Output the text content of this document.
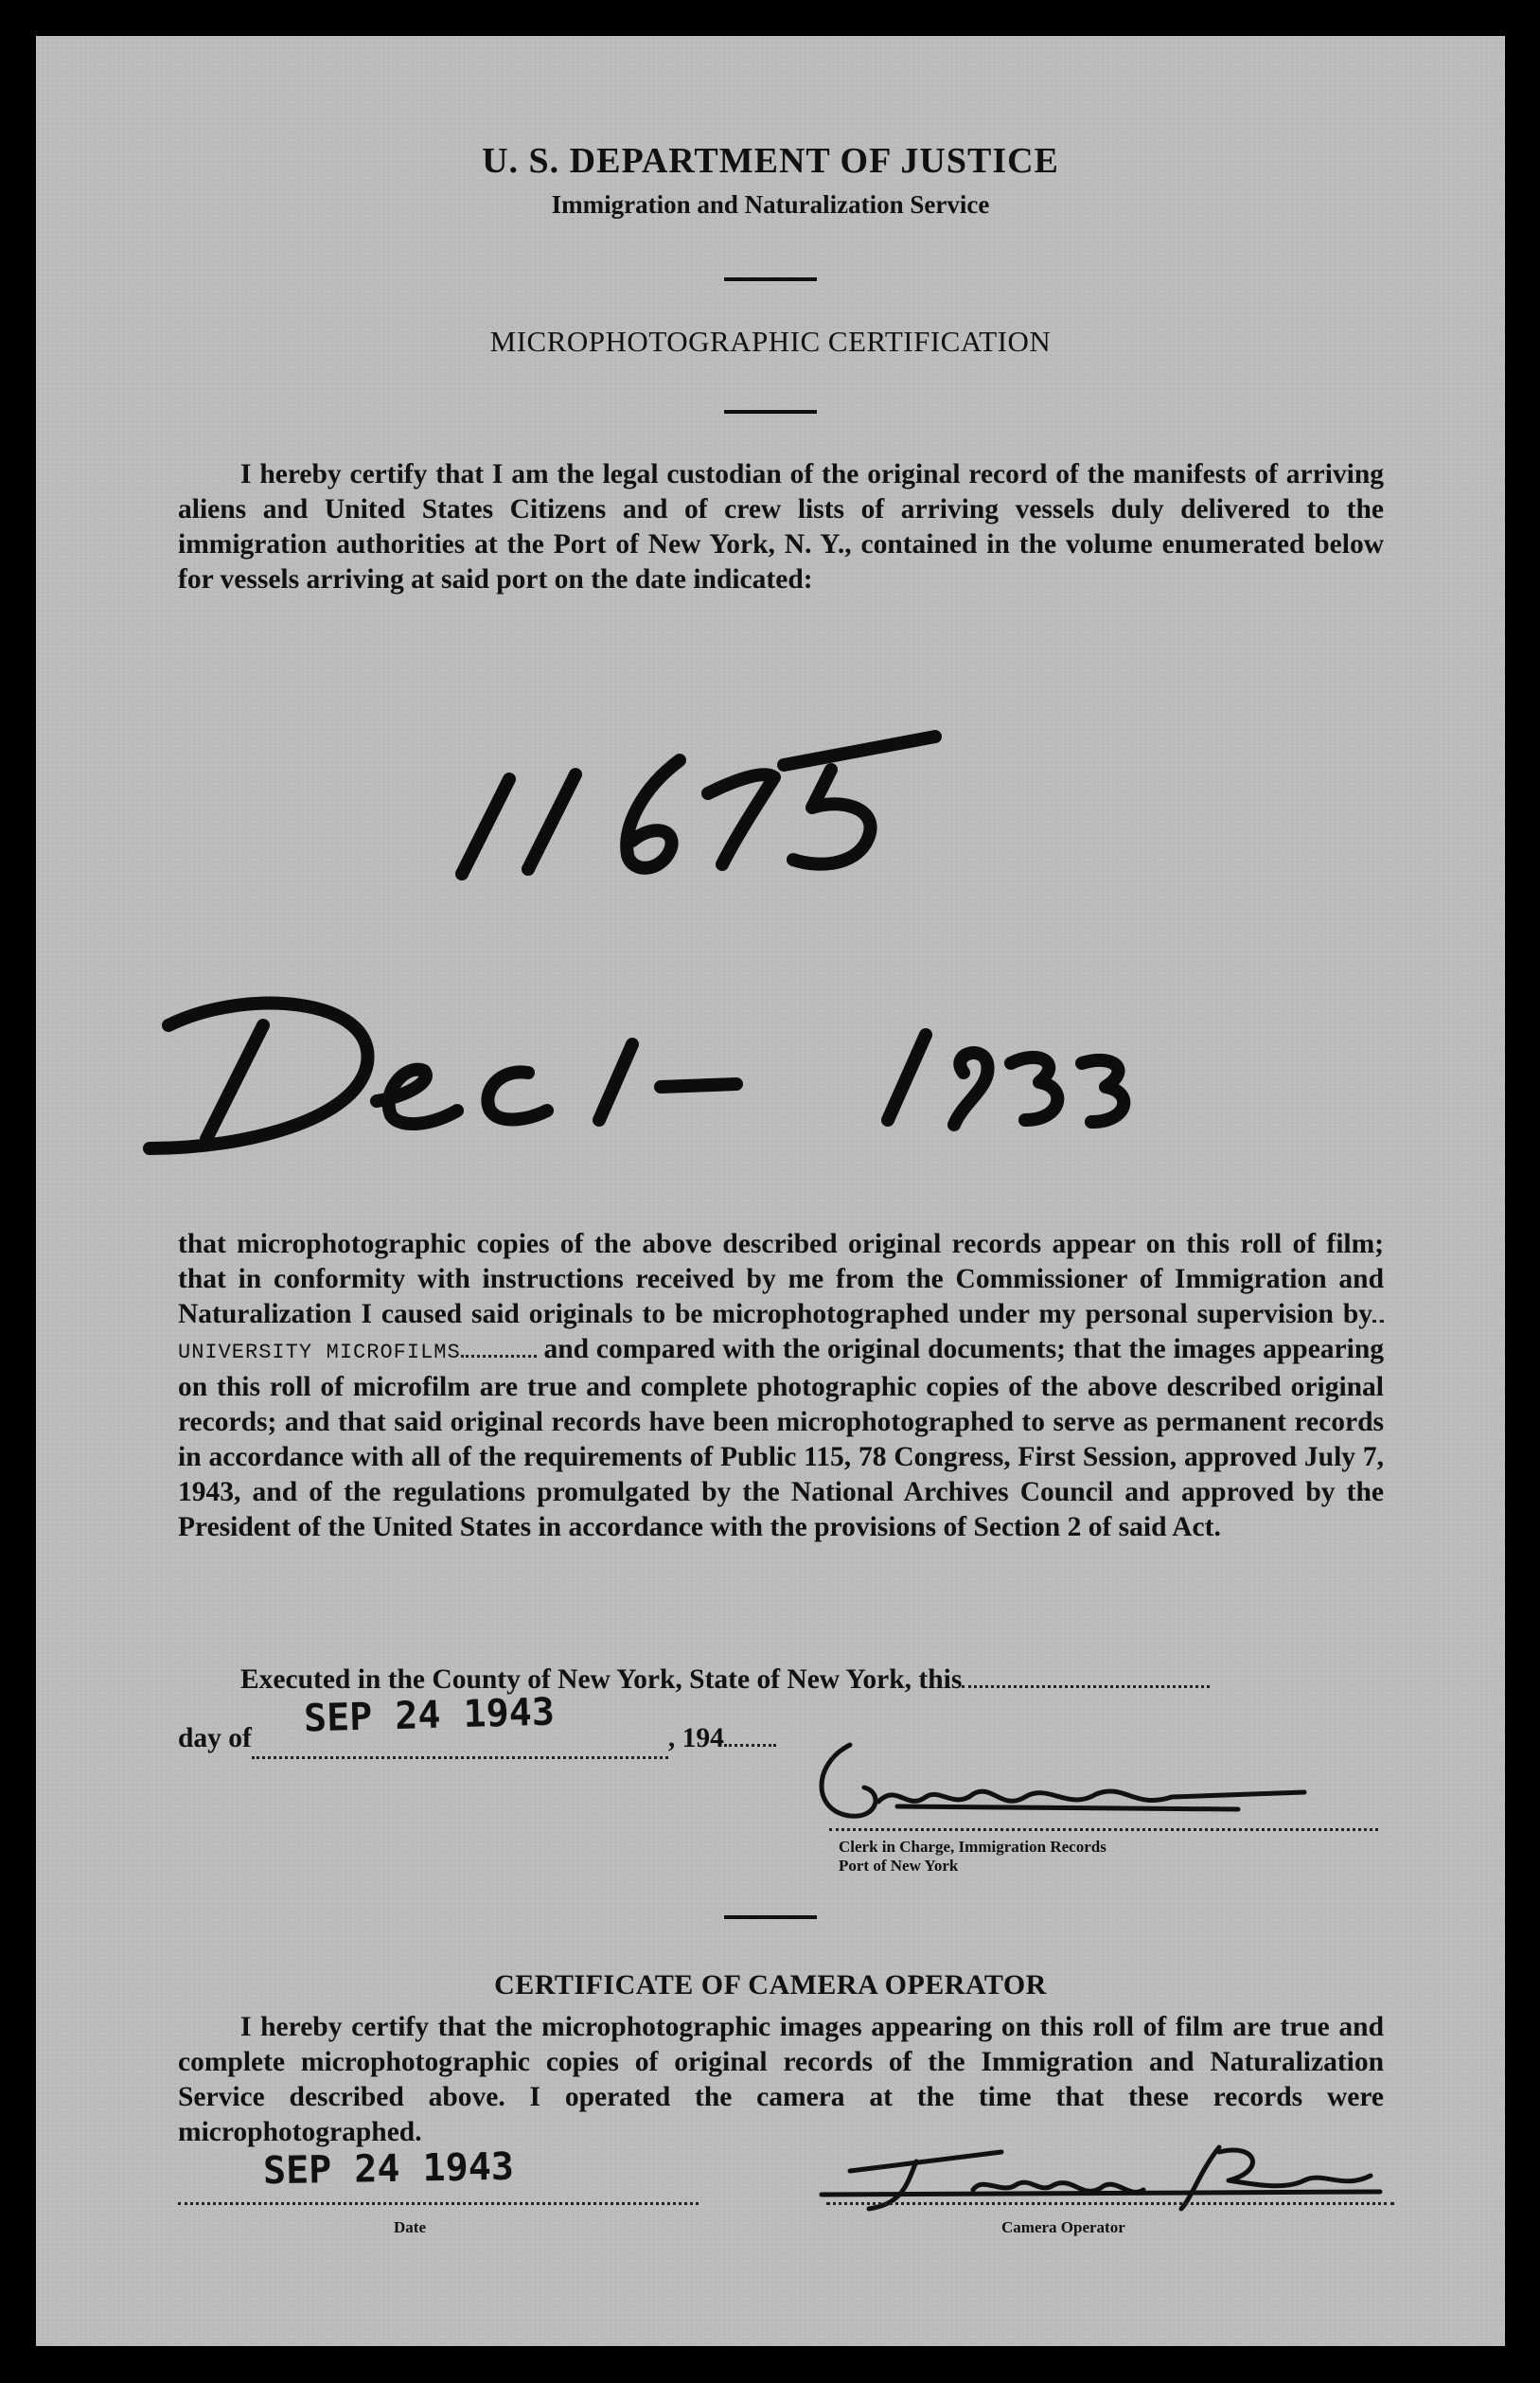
U. S. DEPARTMENT OF JUSTICE
Immigration and Naturalization Service
MICROPHOTOGRAPHIC CERTIFICATION
I hereby certify that I am the legal custodian of the original record of the manifests of arriving aliens and United States Citizens and of crew lists of arriving vessels duly delivered to the immigration authorities at the Port of New York, N. Y., contained in the volume enumerated below for vessels arriving at said port on the date indicated:
that microphotographic copies of the above described original records appear on this roll of film; that in conformity with instructions received by me from the Commissioner of Immigration and Naturalization I caused said originals to be microphotographed under my personal supervision byUNIVERSITY MICROFILMS	and compared with the original documents; that the images appearing on this roll of microfilm are true and complete photographic copies of the above described original records; and that said original records have been microphotographed to serve as permanent records in accordance with all of the requirements of Public 115, 78 Congress, First Session, approved July 7, 1943, and of the regulations promulgated by the National Archives Council and approved by the President of the United States in accordance with the provisions of Section 2 of said Act.
Executed in the County of New York, State of New York, this
day of SEP 24 1943	, 194
Clerk in Charge, Immigration Records
Port of New York
CERTIFICATE OF CAMERA OPERATOR
I hereby certify that the microphotographic images appearing on this roll of film are true and complete microphotographic copies of original records of the Immigration and Naturalization Service described above. I operated the camera at the time that these records were microphotographed.
SEP 24 1943
Date	Camera Operator
